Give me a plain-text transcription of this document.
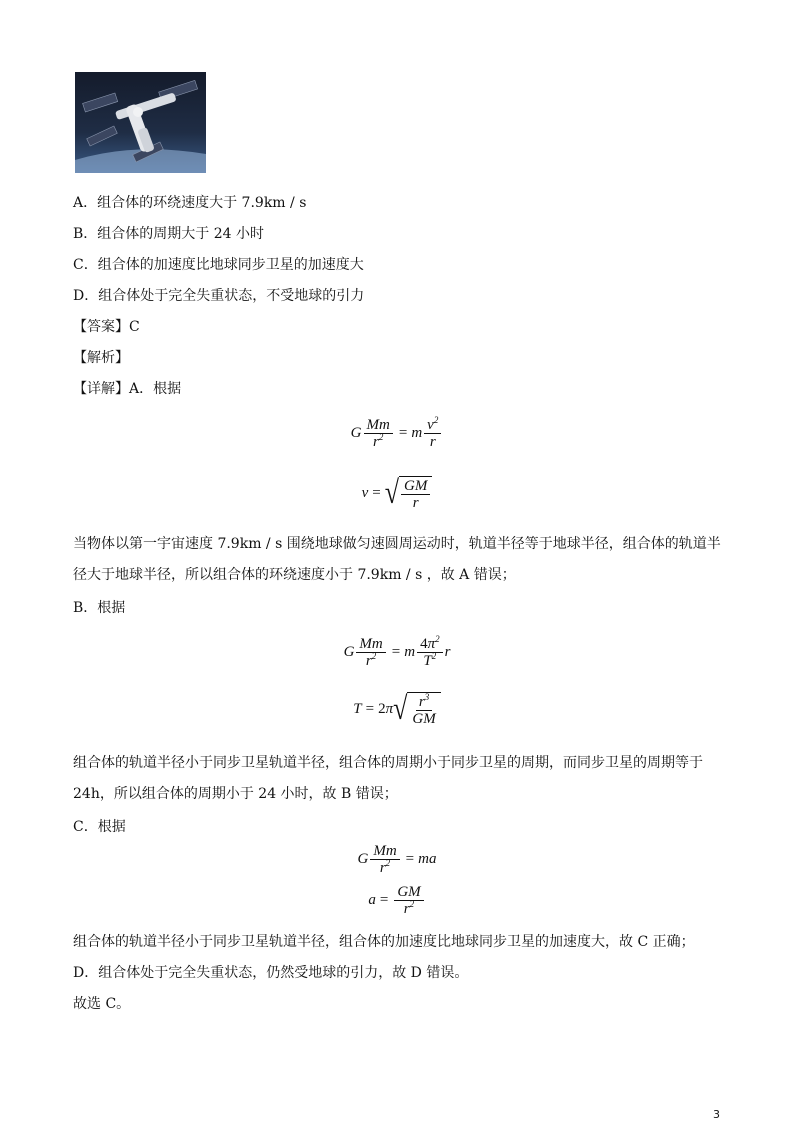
A．组合体的环绕速度大于 7.9km / s
B．组合体的周期大于 24 小时
C．组合体的加速度比地球同步卫星的加速度大
D．组合体处于完全失重状态，不受地球的引力
【答案】C
【解析】
【详解】A．根据
G $\frac{Mm}{r^2} = m \frac{v^2}{r}$
v = √ $\frac{GM}{r}$
当物体以第一宇宙速度 7.9km / s 围绕地球做匀速圆周运动时，轨道半径等于地球半径，组合体的轨道半径大于地球半径，所以组合体的环绕速度小于 7.9km / s ，故 A 错误；
B．根据
G $\frac{Mm}{r^2} = m \frac{4\pi^2}{T^2}$ r
T = 2 π √ $\frac{r^3}{GM}$
组合体的轨道半径小于同步卫星轨道半径，组合体的周期小于同步卫星的周期，而同步卫星的周期等于 24h，所以组合体的周期小于 24 小时，故 B 错误；
C．根据
G $\frac{Mm}{r^2}$ = ma
$a = \frac{GM}{r^2}$
组合体的轨道半径小于同步卫星轨道半径，组合体的加速度比地球同步卫星的加速度大，故 C 正确；
D．组合体处于完全失重状态，仍然受地球的引力，故 D 错误。
故选 C。
3
